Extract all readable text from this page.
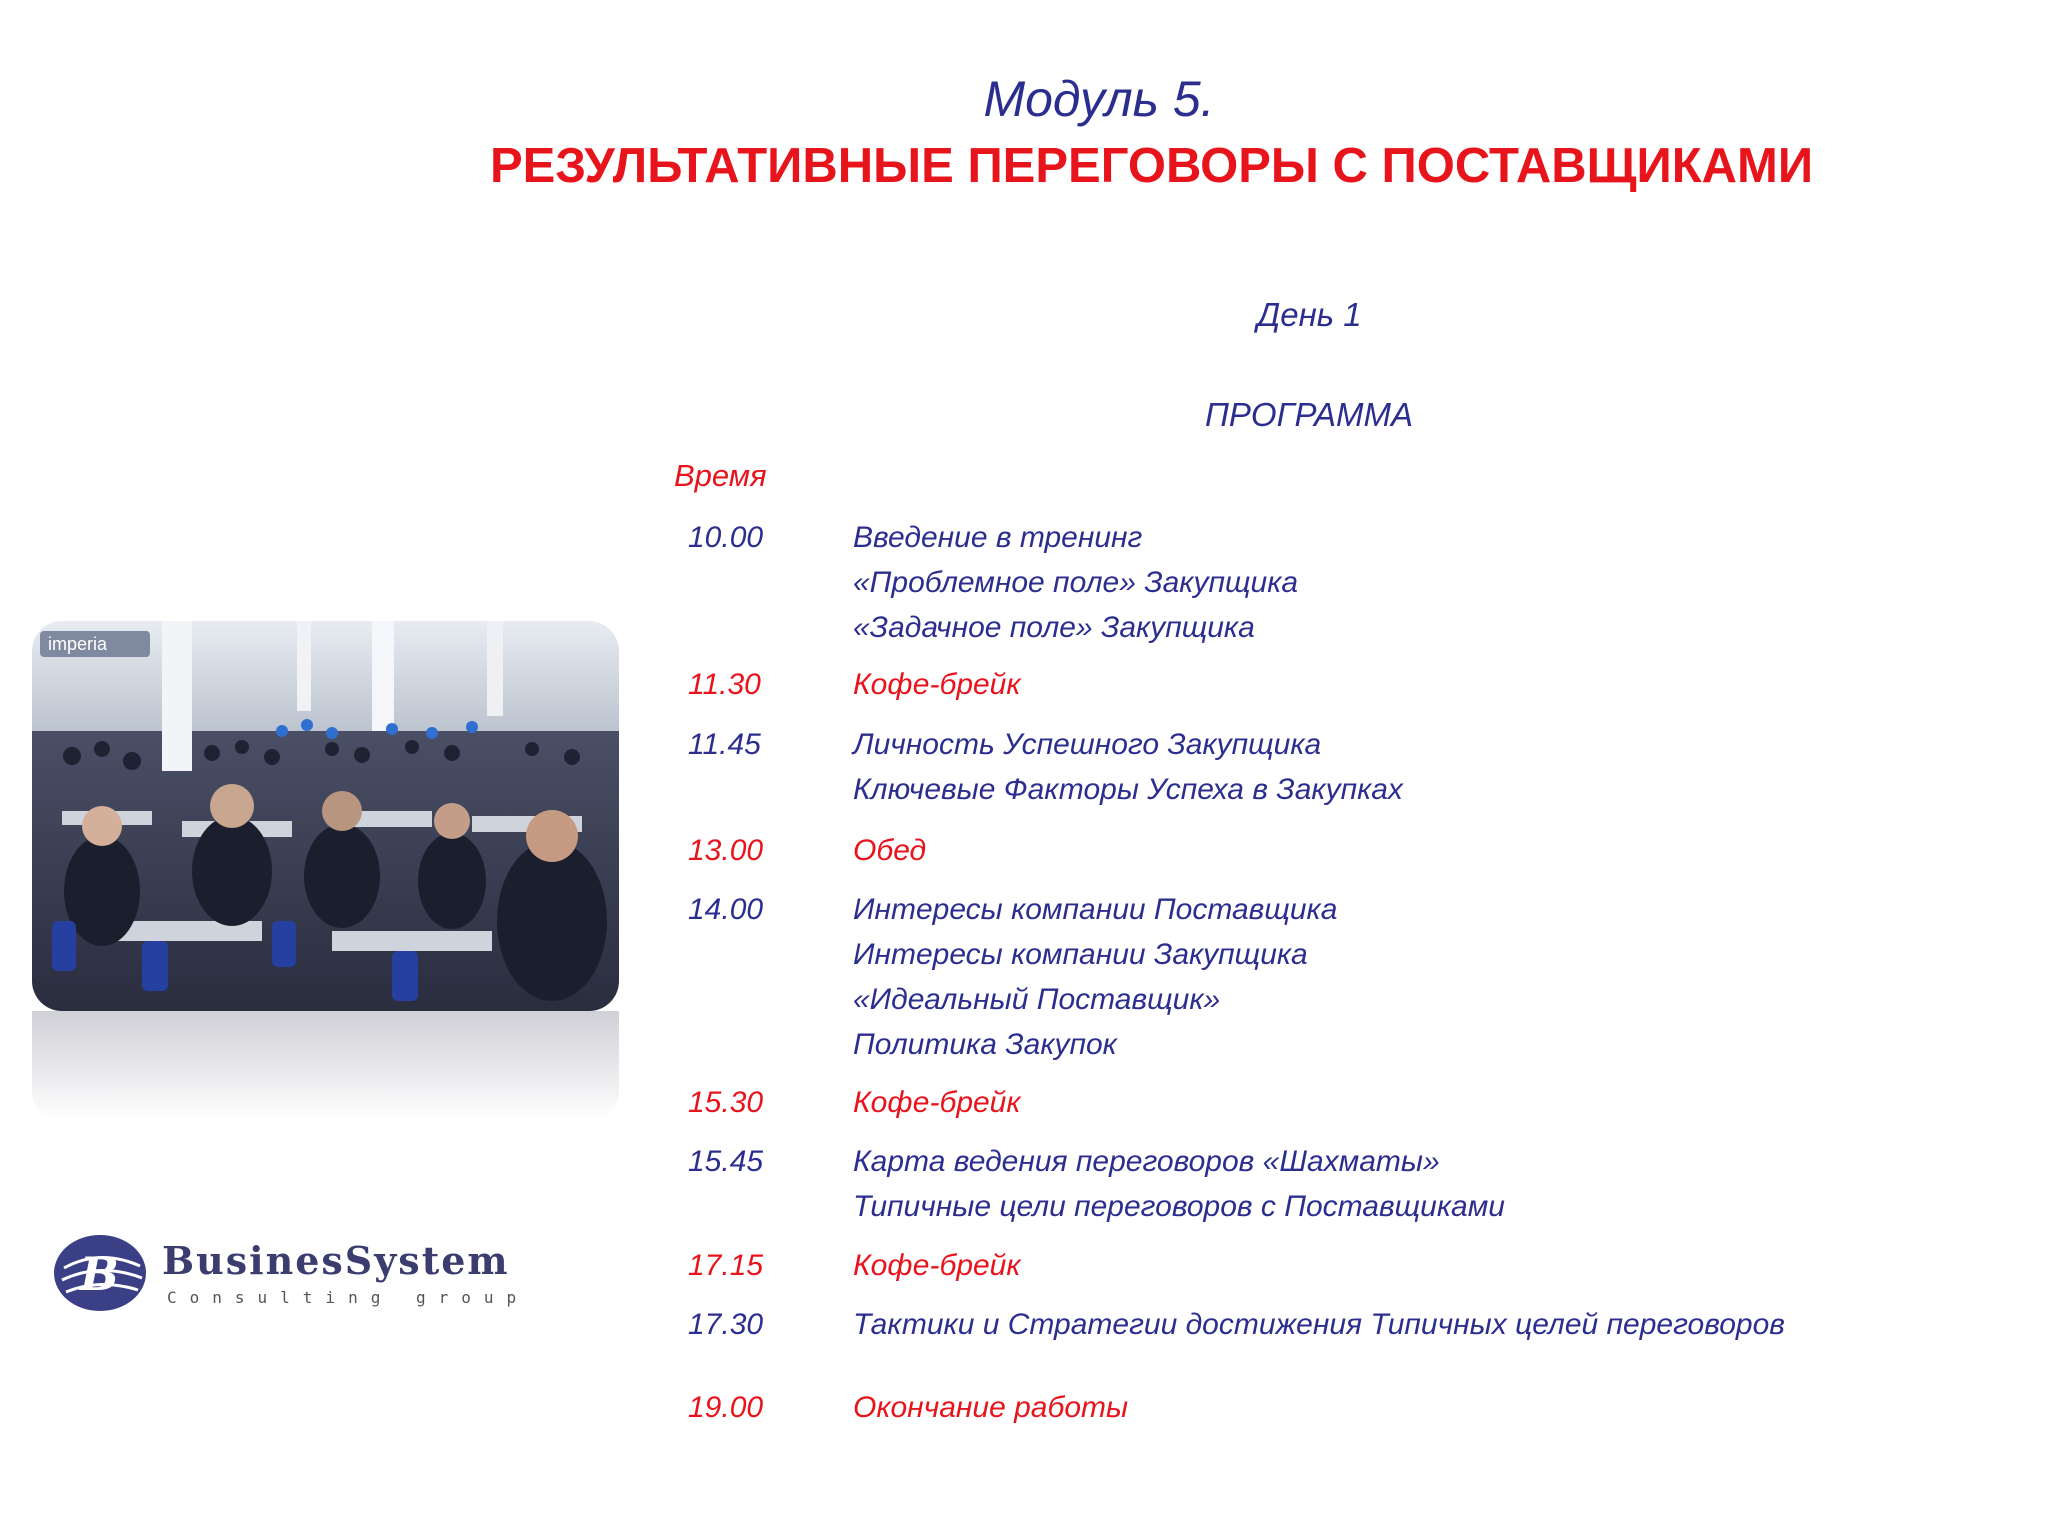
Модуль 5.
РЕЗУЛЬТАТИВНЫЕ ПЕРЕГОВОРЫ С ПОСТАВЩИКАМИ
День 1
ПРОГРАММА
Время
10.00	Введение в тренинг
«Проблемное поле» Закупщика
«Задачное поле» Закупщика
11.30	Кофе-брейк
11.45	Личность Успешного Закупщика
Ключевые Факторы Успеха в Закупках
13.00	Обед
14.00	Интересы компании Поставщика
Интересы компании Закупщика
«Идеальный Поставщик»
Политика Закупок
15.30	Кофе-брейк
15.45	Карта ведения переговоров «Шахматы»
Типичные цели переговоров с Поставщиками
17.15	Кофе-брейк
17.30	Тактики и Стратегии достижения Типичных целей переговоров
19.00	Окончание работы
imperia
B BusinesSystem
Consulting group
